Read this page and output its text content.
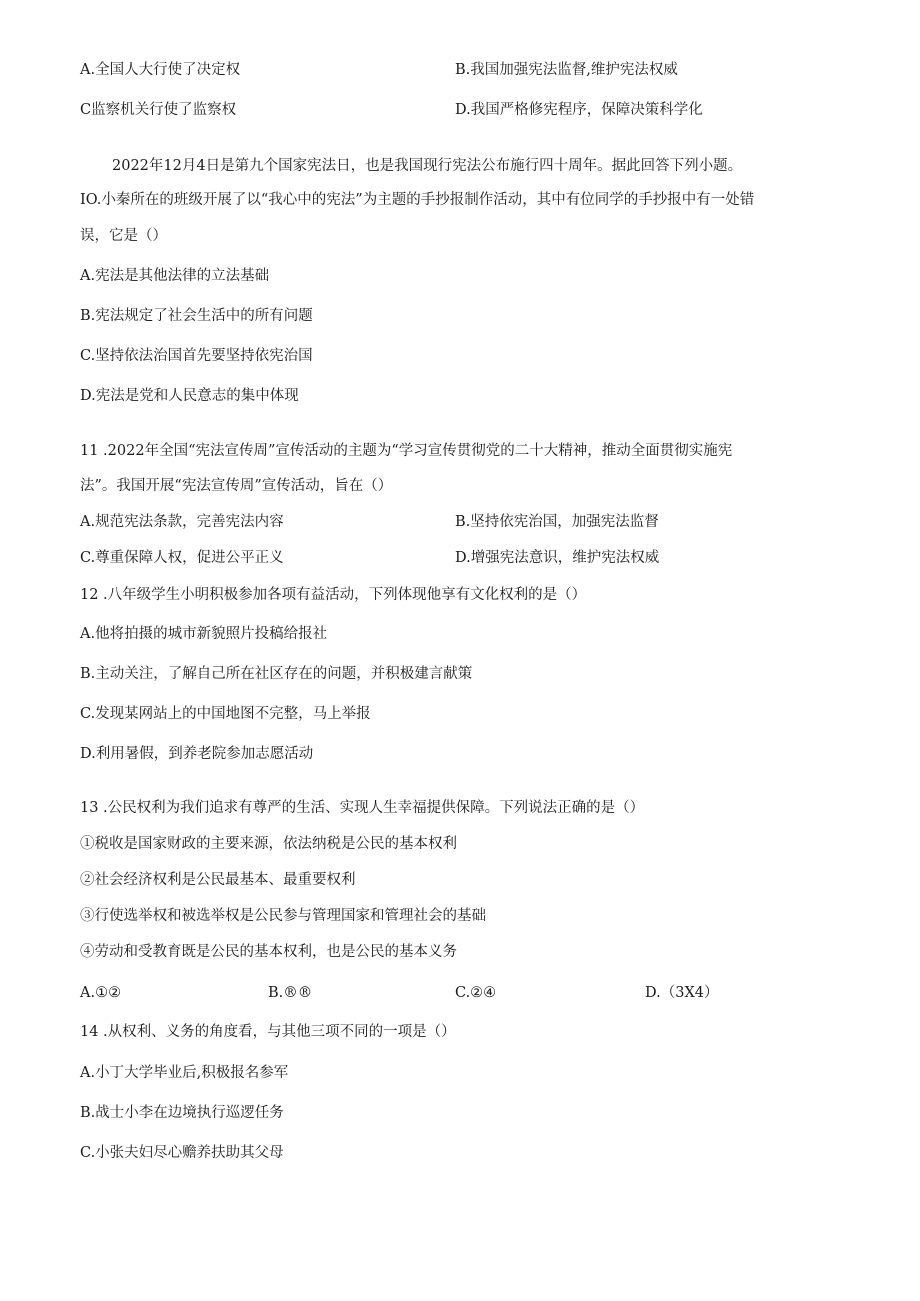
A.全国人大行使了决定权	B.我国加强宪法监督,维护宪法权威
C监察机关行使了监察权	D.我国严格修宪程序，保障决策科学化
2022年12月4日是第九个国家宪法日，也是我国现行宪法公布施行四十周年。据此回答下列小题。
IO.小秦所在的班级开展了以“我心中的宪法”为主题的手抄报制作活动，其中有位同学的手抄报中有一处错
误，它是（）
A.宪法是其他法律的立法基础
B.宪法规定了社会生活中的所有问题
C.坚持依法治国首先要坚持依宪治国
D.宪法是党和人民意志的集中体现
11 .2022年全国“宪法宣传周”宣传活动的主题为“学习宣传贯彻党的二十大精神，推动全面贯彻实施宪
法”。我国开展“宪法宣传周”宣传活动，旨在（）
A.规范宪法条款，完善宪法内容	B.坚持依宪治国，加强宪法监督
C.尊重保障人权，促进公平正义	D.增强宪法意识，维护宪法权威
12 .八年级学生小明积极参加各项有益活动，下列体现他享有文化权利的是（）
A.他将拍摄的城市新貌照片投稿给报社
B.主动关注，了解自己所在社区存在的问题，并积极建言献策
C.发现某网站上的中国地图不完整，马上举报
D.利用暑假，到养老院参加志愿活动
13 .公民权利为我们追求有尊严的生活、实现人生幸福提供保障。下列说法正确的是（）
①税收是国家财政的主要来源，依法纳税是公民的基本权利
②社会经济权利是公民最基本、最重要权利
③行使选举权和被选举权是公民参与管理国家和管理社会的基础
④劳动和受教育既是公民的基本权利，也是公民的基本义务
A.①②	B.®®	C.②④	D.（3X4）
14 .从权利、义务的角度看，与其他三项不同的一项是（）
A.小丁大学毕业后,积极报名参军
B.战士小李在边境执行巡逻任务
C.小张夫妇尽心赡养扶助其父母
